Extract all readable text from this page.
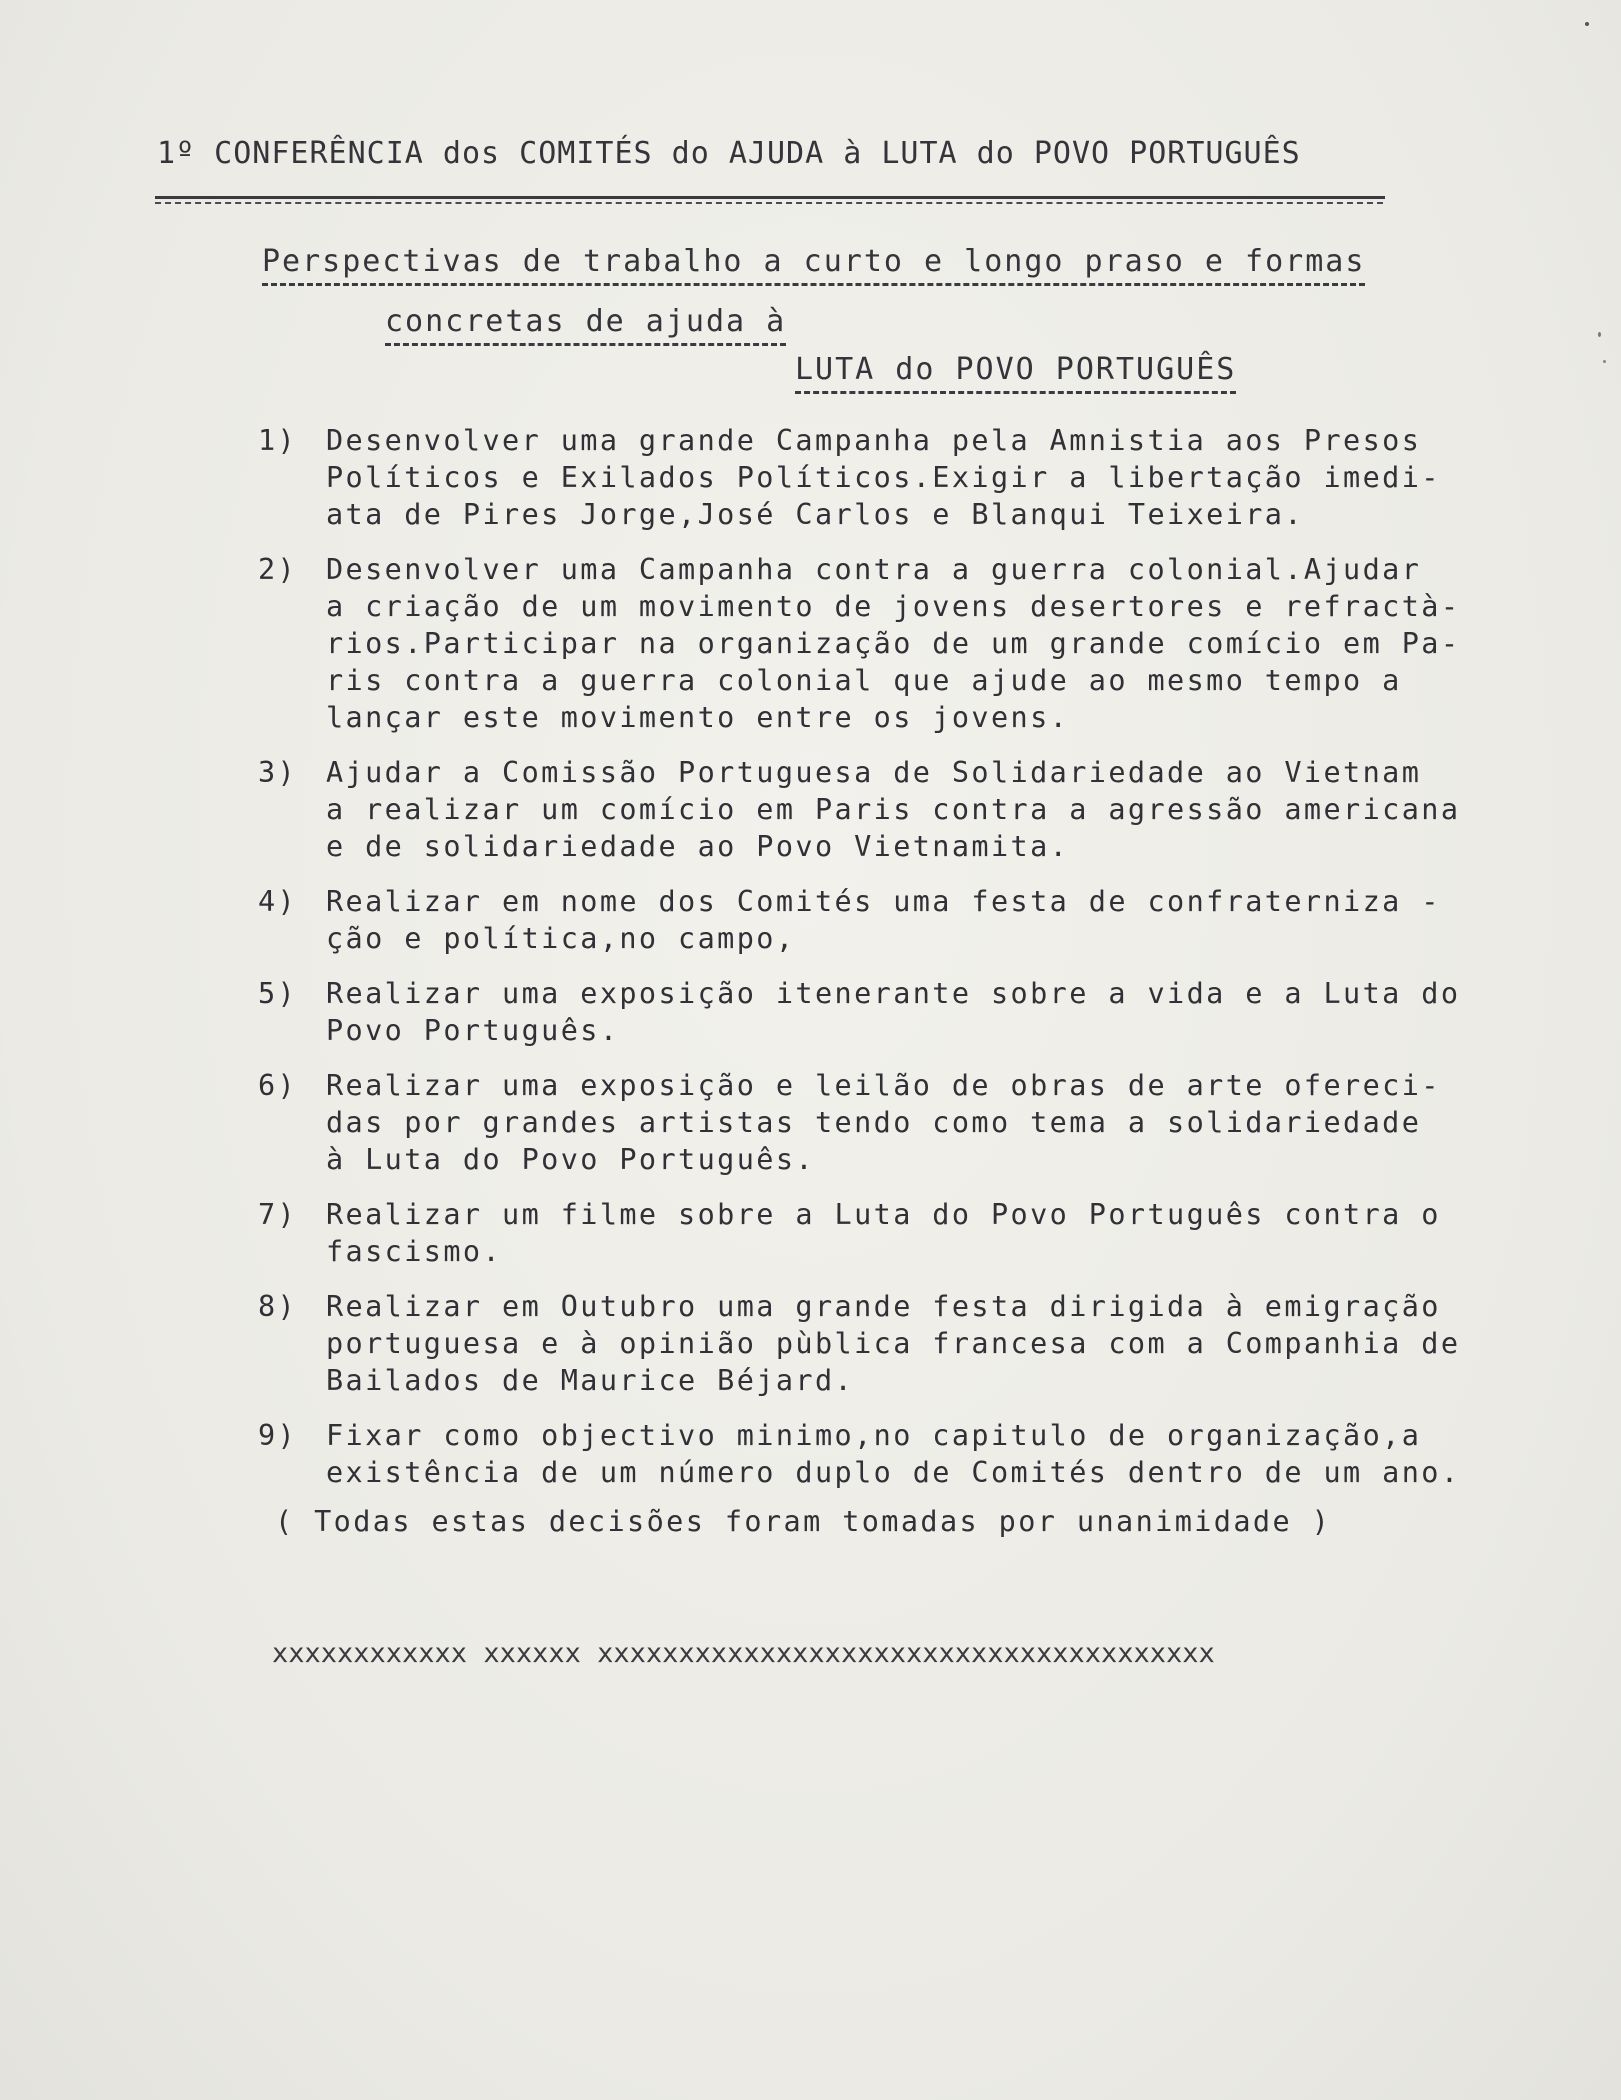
1º CONFERÊNCIA dos COMITÉS do AJUDA à LUTA do POVO PORTUGUÊS
Perspectivas de trabalho a curto e longo praso e formas
concretas de ajuda à
LUTA do POVO PORTUGUÊS
1) Desenvolver uma grande Campanha pela Amnistia aos Presos
Políticos e Exilados Políticos.Exigir a libertação imedi-
ata de Pires Jorge,José Carlos e Blanqui Teixeira.
2) Desenvolver uma Campanha contra a guerra colonial.Ajudar
a criação de um movimento de jovens desertores e refractà-
rios.Participar na organização de um grande comício em Pa-
ris contra a guerra colonial que ajude ao mesmo tempo a
lançar este movimento entre os jovens.
3) Ajudar a Comissão Portuguesa de Solidariedade ao Vietnam
a realizar um comício em Paris contra a agressão americana
e de solidariedade ao Povo Vietnamita.
4) Realizar em nome dos Comités uma festa de confraterniza -
ção e política,no campo,
5) Realizar uma exposição itenerante sobre a vida e a Luta do
Povo Português.
6) Realizar uma exposição e leilão de obras de arte ofereci-
das por grandes artistas tendo como tema a solidariedade
à Luta do Povo Português.
7) Realizar um filme sobre a Luta do Povo Português contra o
fascismo.
8) Realizar em Outubro uma grande festa dirigida à emigração
portuguesa e à opinião pùblica francesa com a Companhia de
Bailados de Maurice Béjard.
9) Fixar como objectivo minimo,no capitulo de organização,a
existência de um número duplo de Comités dentro de um ano.
( Todas estas decisões foram tomadas por unanimidade )
xxxxxxxxxxxx xxxxxx xxxxxxxxxxxxxxxxxxxxxxxxxxxxxxxxxxxxxx
